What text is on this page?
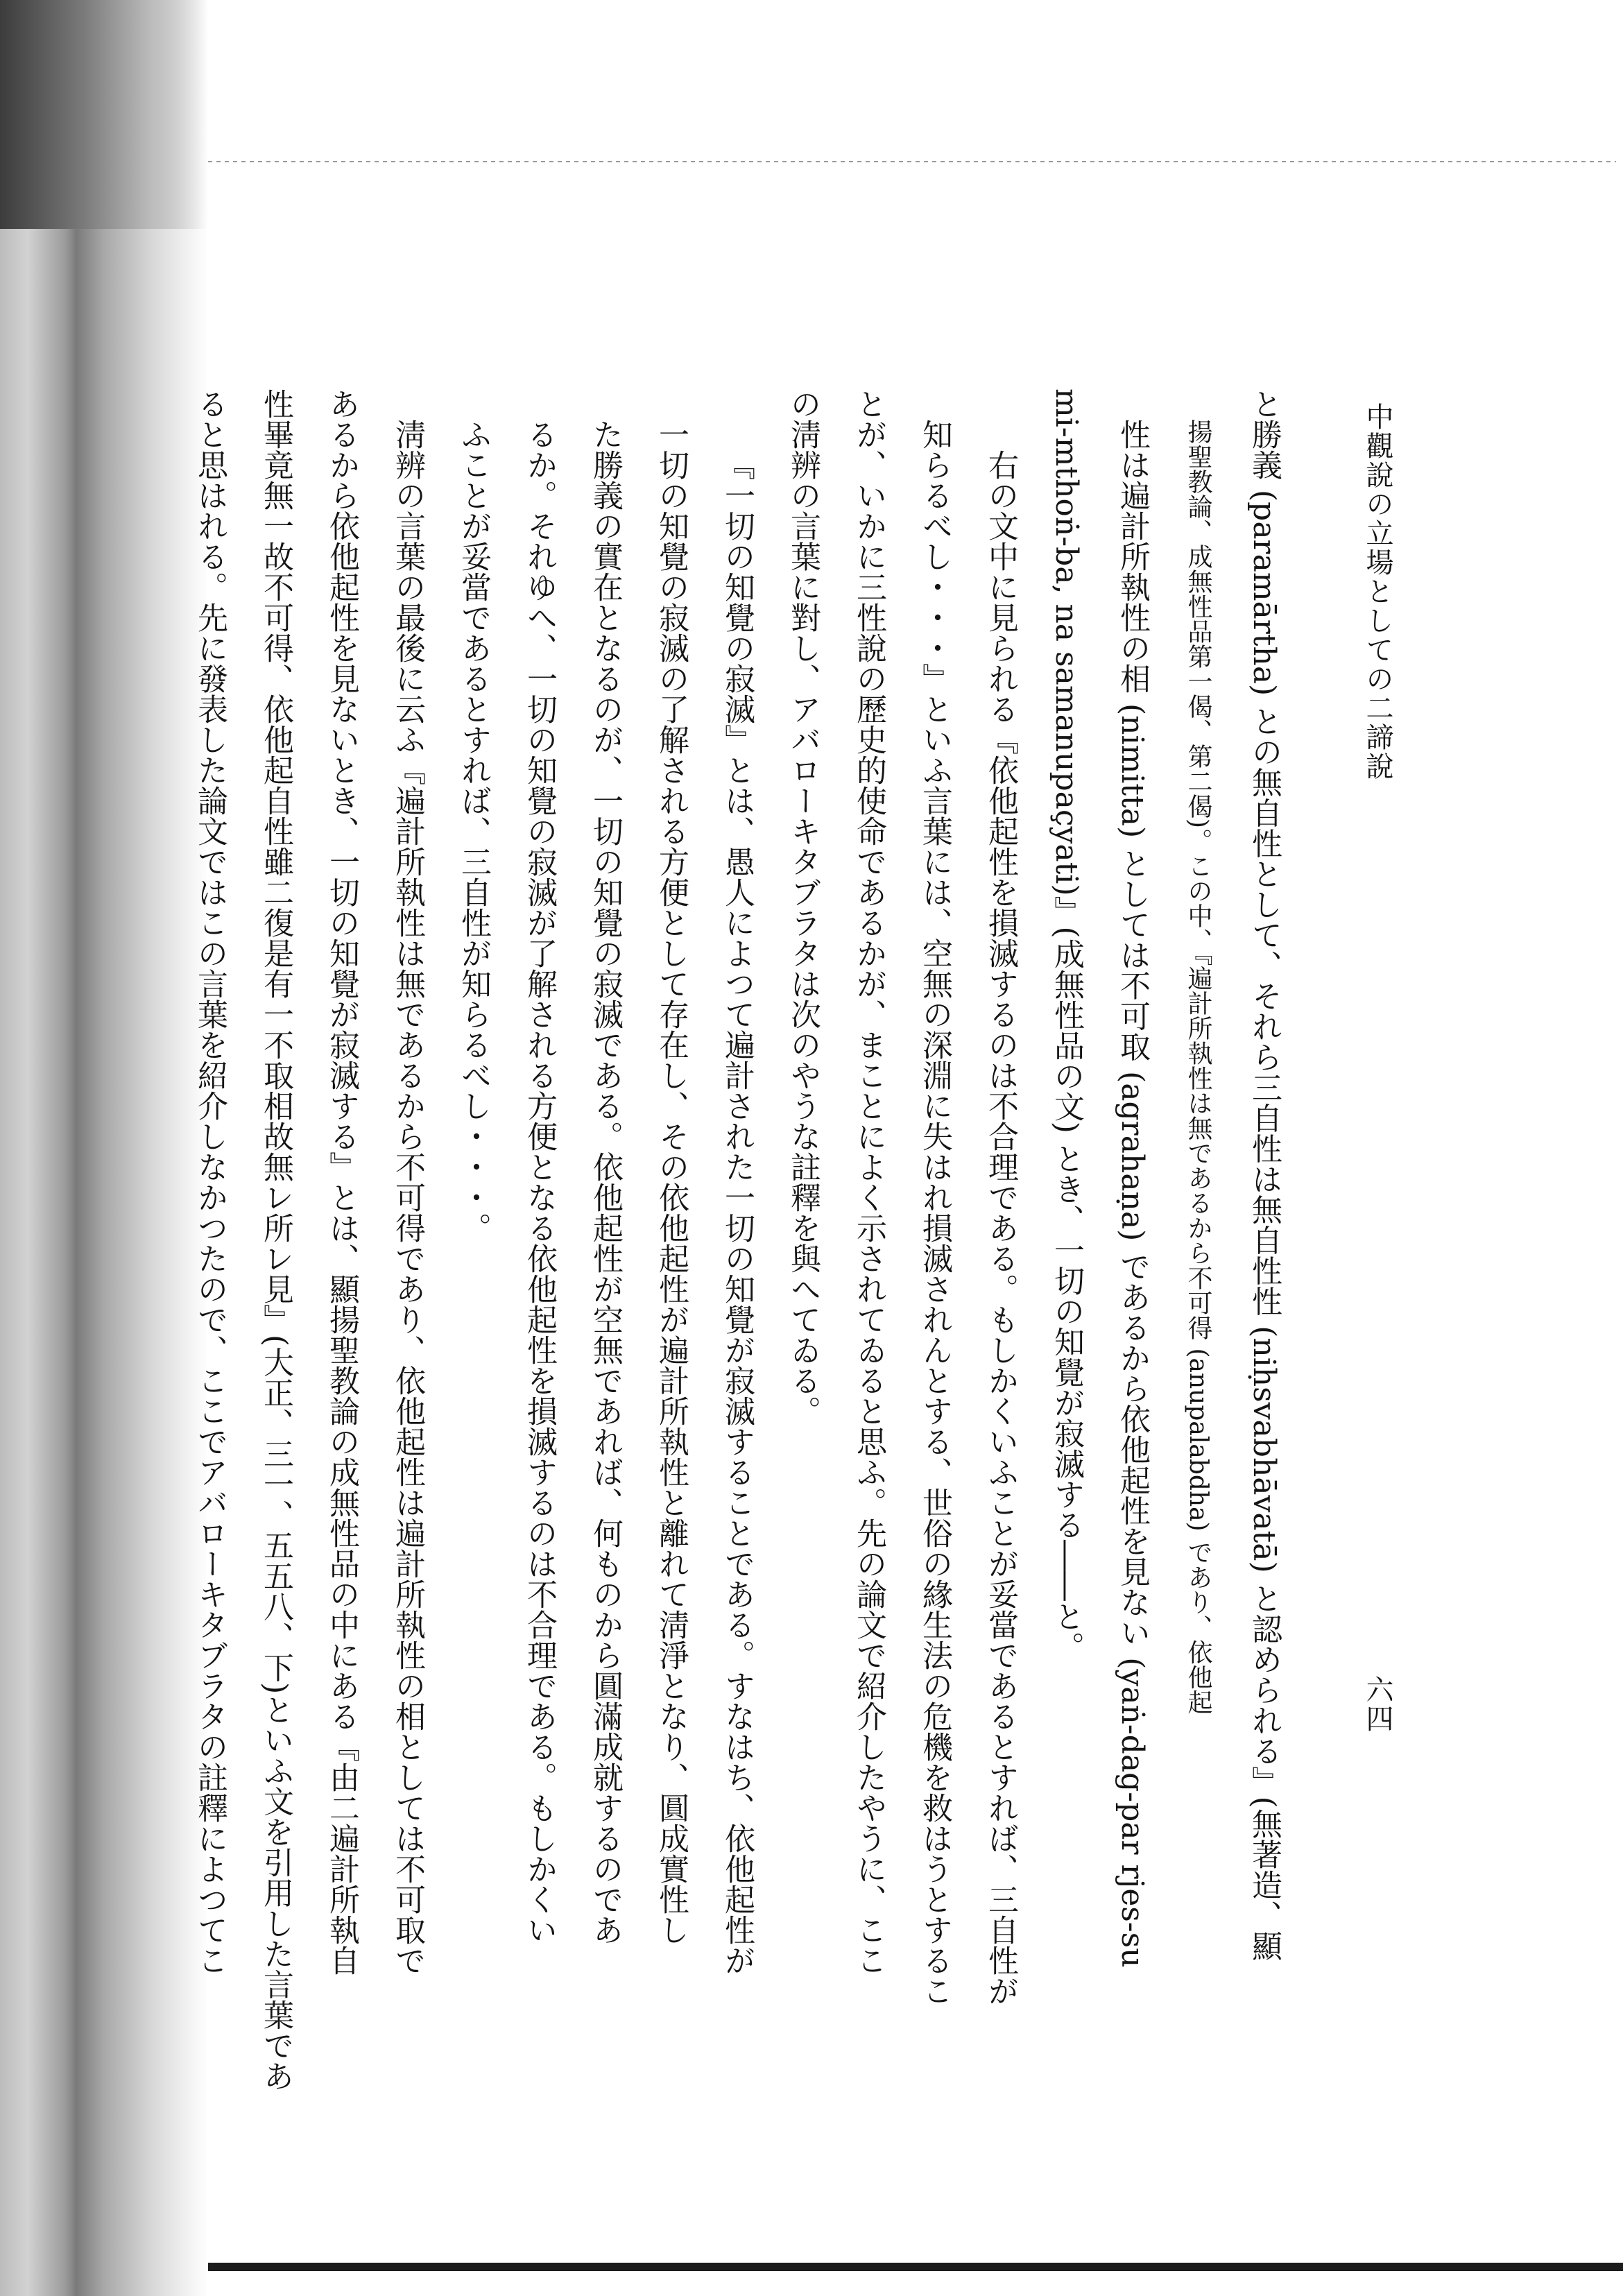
六四
中觀說の立場としての二諦說
と勝義 (paramārtha) との無自性として、それら三自性は無自性性 (niḥsvabhāvatā) と認められる』(無著造、顯
揚聖教論、成無性品第一偈、第二偈)。この中、『遍計所執性は無であるから不可得 (anupalabdha) であり、依他起
性は遍計所執性の相 (nimitta) としては不可取 (agrahaṇa) であるから依他起性を見ない (yaṅ-dag-par rjes-su
mi-mthoṅ-ba, na samanupaçyati)』(成無性品の文) とき、一切の知覺が寂滅する――と。
右の文中に見られる『依他起性を損滅するのは不合理である。もしかくいふことが妥當であるとすれば、三自性が
知らるべし・・・』といふ言葉には、空無の深淵に失はれ損滅されんとする、世俗の緣生法の危機を救はうとするこ
とが、いかに三性說の歷史的使命であるかが、まことによく示されてゐると思ふ。先の論文で紹介したやうに、ここ
の淸辨の言葉に對し、アバローキタブラタは次のやうな註釋を與へてゐる。
『一切の知覺の寂滅』とは、愚人によつて遍計された一切の知覺が寂滅することである。すなはち、依他起性が
一切の知覺の寂滅の了解される方便として存在し、その依他起性が遍計所執性と離れて淸淨となり、圓成實性し
た勝義の實在となるのが、一切の知覺の寂滅である。依他起性が空無であれば、何ものから圓滿成就するのであ
るか。それゆへ、一切の知覺の寂滅が了解される方便となる依他起性を損滅するのは不合理である。もしかくい
ふことが妥當であるとすれば、三自性が知らるべし・・・。
淸辨の言葉の最後に云ふ『遍計所執性は無であるから不可得であり、依他起性は遍計所執性の相としては不可取で
あるから依他起性を見ないとき、一切の知覺が寂滅する』とは、顯揚聖教論の成無性品の中にある『由二遍計所執自
性畢竟無一故不可得、依他起自性雖二復是有一不取相故無レ所レ見』(大正、三一、五五八、下)といふ文を引用した言葉であ
ると思はれる。先に發表した論文ではこの言葉を紹介しなかつたので、ここでアバローキタブラタの註釋によつてこ
